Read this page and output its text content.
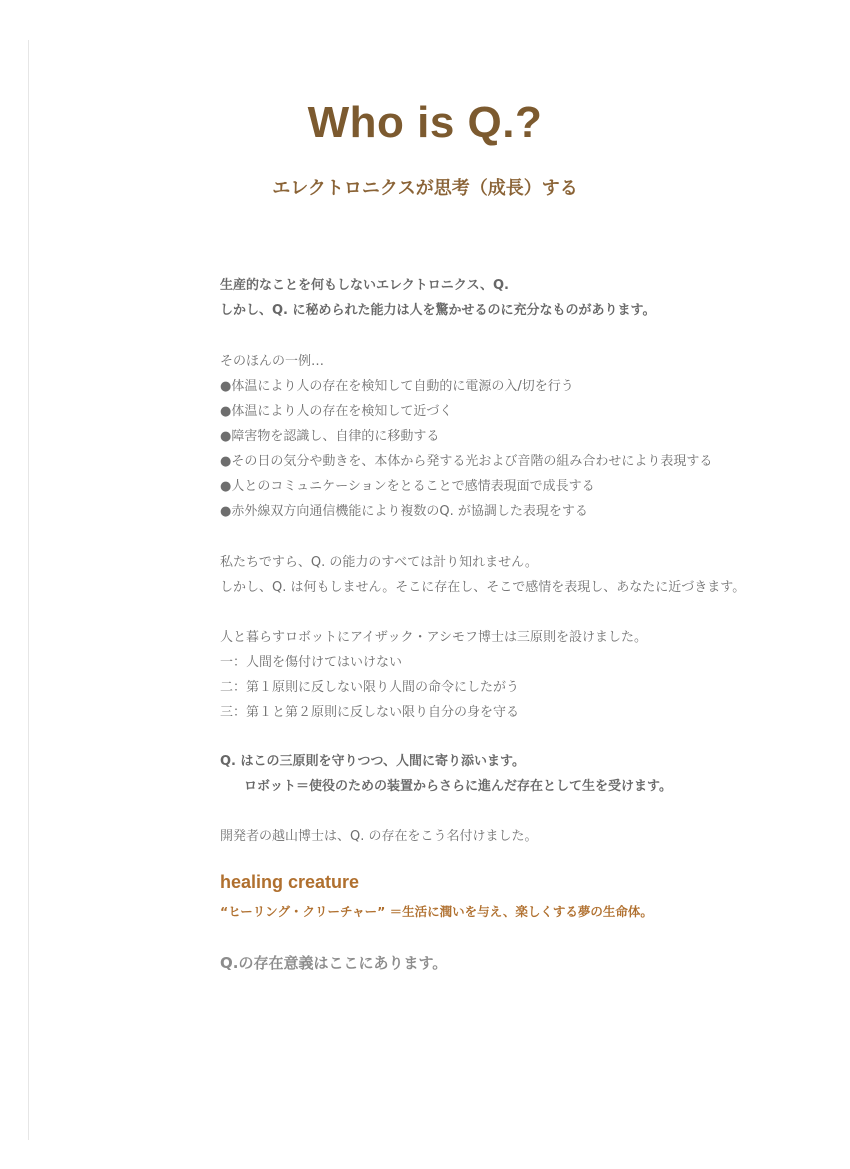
Who is Q.?
エレクトロニクスが思考（成長）する
生産的なことを何もしないエレクトロニクス、Q.
しかし、Q. に秘められた能力は人を驚かせるのに充分なものがあります。
そのほんの一例…
●体温により人の存在を検知して自動的に電源の入/切を行う
●体温により人の存在を検知して近づく
●障害物を認識し、自律的に移動する
●その日の気分や動きを、本体から発する光および音階の組み合わせにより表現する
●人とのコミュニケーションをとることで感情表現面で成長する
●赤外線双方向通信機能により複数のQ. が協調した表現をする
私たちですら、Q. の能力のすべては計り知れません。
しかし、Q. は何もしません。そこに存在し、そこで感情を表現し、あなたに近づきます。
人と暮らすロボットにアイザック・アシモフ博士は三原則を設けました。
一：人間を傷付けてはいけない
二：第１原則に反しない限り人間の命令にしたがう
三：第１と第２原則に反しない限り自分の身を守る
Q. はこの三原則を守りつつ、人間に寄り添います。
ロボット＝使役のための装置からさらに進んだ存在として生を受けます。
開発者の越山博士は、Q. の存在をこう名付けました。
healing creature
“ヒーリング・クリーチャー” ＝生活に潤いを与え、楽しくする夢の生命体。
Q.の存在意義はここにあります。
